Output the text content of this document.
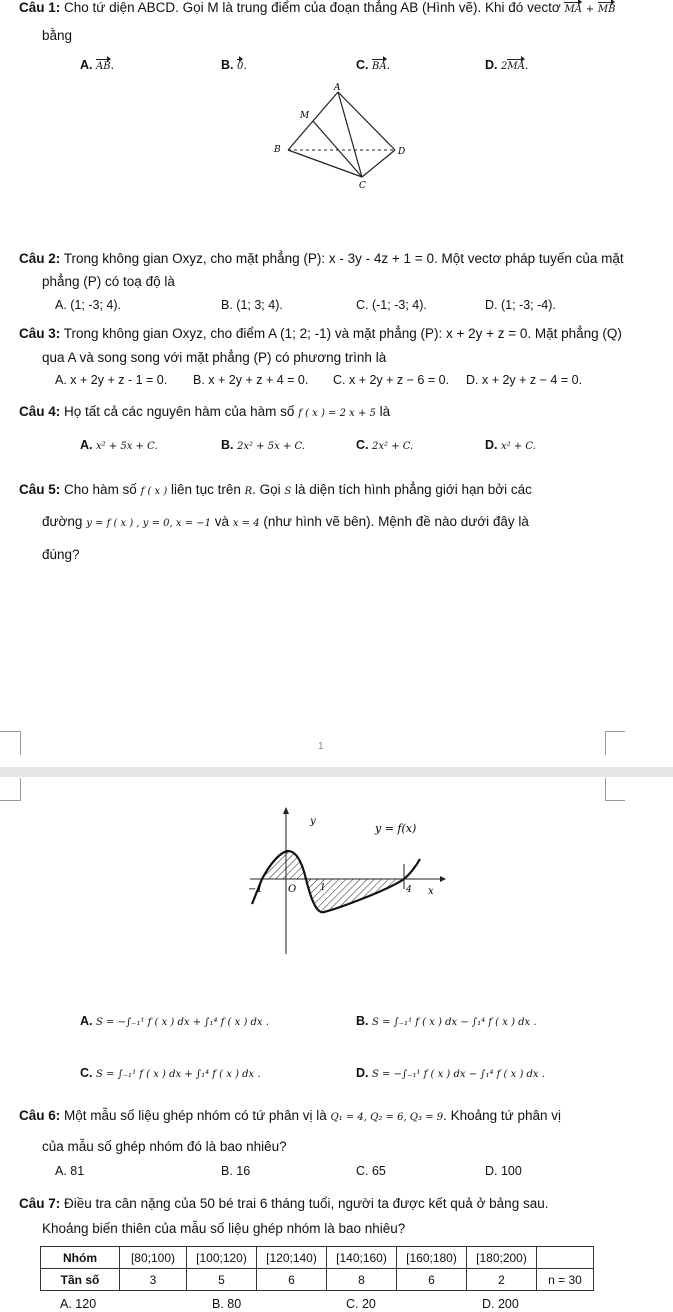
Câu 1: Cho tứ diện ABCD. Gọi M là trung điểm của đoạn thẳng AB (Hình vẽ). Khi đó vectơ MA + MB
bằng
A. AB.	B. 0.	C. BA.	D. 2MA.
A
M
B	D
C
Câu 2: Trong không gian Oxyz, cho mặt phẳng (P): x - 3y - 4z + 1 = 0. Một vectơ pháp tuyến của mặt
phẳng (P) có toạ độ là
A. (1; -3; 4).	B. (1; 3; 4).	C. (-1; -3; 4).	D. (1; -3; -4).
Câu 3: Trong không gian Oxyz, cho điểm A (1; 2; -1) và mặt phẳng (P): x + 2y + z = 0. Mặt phẳng (Q)
qua A và song song với mặt phẳng (P) có phương trình là
A. x + 2y + z - 1 = 0. B. x + 2y + z + 4 = 0. C. x + 2y + z − 6 = 0. D. x + 2y + z − 4 = 0.
Câu 4: Họ tất cả các nguyên hàm của hàm số f ( x ) = 2 x + 5 là
A. x² + 5x + C.	B. 2x² + 5x + C.	C. 2x² + C.	D. x² + C.
Câu 5: Cho hàm số f ( x ) liên tục trên R. Gọi S là diện tích hình phẳng giới hạn bởi các
đường y = f ( x ) , y = 0, x = −1 và x = 4 (như hình vẽ bên). Mệnh đề nào dưới đây là
đúng?
1
y
x
y = f(x)
O
−1	1	4
A. S = −∫₋₁¹ f ( x ) dx + ∫₁⁴ f ( x ) dx .	B. S = ∫₋₁¹ f ( x ) dx − ∫₁⁴ f ( x ) dx .
C. S = ∫₋₁¹ f ( x ) dx + ∫₁⁴ f ( x ) dx .	D. S = −∫₋₁¹ f ( x ) dx − ∫₁⁴ f ( x ) dx .
Câu 6: Một mẫu số liệu ghép nhóm có tứ phân vị là Q₁ = 4, Q₂ = 6, Q₃ = 9. Khoảng tứ phân vị
của mẫu số ghép nhóm đó là bao nhiêu?
A. 81	B. 16	C. 65	D. 100
Câu 7: Điều tra cân nặng của 50 bé trai 6 tháng tuổi, người ta được kết quả ở bảng sau.
Khoảng biến thiên của mẫu số liệu ghép nhóm là bao nhiêu?
Nhóm	[80;100)	[100;120)	[120;140)	[140;160)	[160;180)	[180;200)	
Tần số	3	5	6	8	6	2	n = 30
A. 120	B. 80	C. 20	D. 200
